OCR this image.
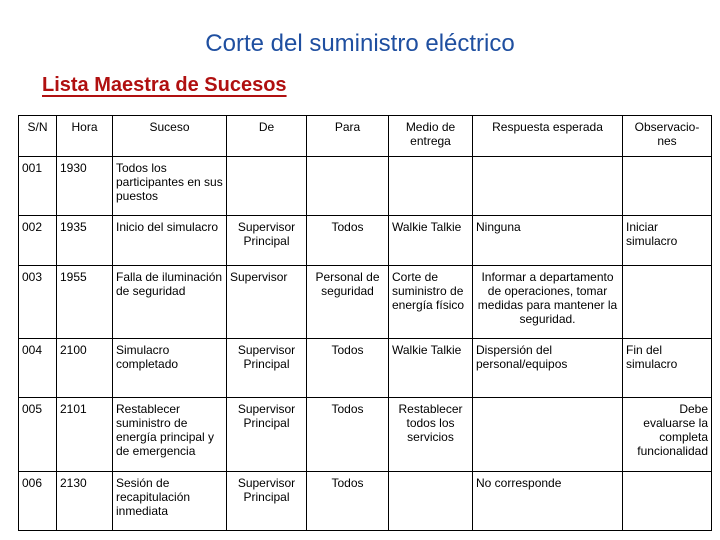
Corte del suministro eléctrico
Lista Maestra de Sucesos
S/N	Hora	Suceso	De	Para	Medio de entrega	Respuesta esperada	Observacio-nes
001	1930	Todos los participantes en sus puestos					
002	1935	Inicio del simulacro	Supervisor Principal	Todos	Walkie Talkie	Ninguna	Iniciar simulacro
003	1955	Falla de iluminación de seguridad	Supervisor	Personal de seguridad	Corte de suministro de energía físico	Informar a departamento de operaciones, tomar medidas para mantener la seguridad.	
004	2100	Simulacro completado	Supervisor Principal	Todos	Walkie Talkie	Dispersión del personal/equipos	Fin del simulacro
005	2101	Restablecer suministro de energía principal y de emergencia	Supervisor Principal	Todos	Restablecer todos los servicios		Debe evaluarse la completa funcionalidad
006	2130	Sesión de recapitulación inmediata	Supervisor Principal	Todos		No corresponde	
